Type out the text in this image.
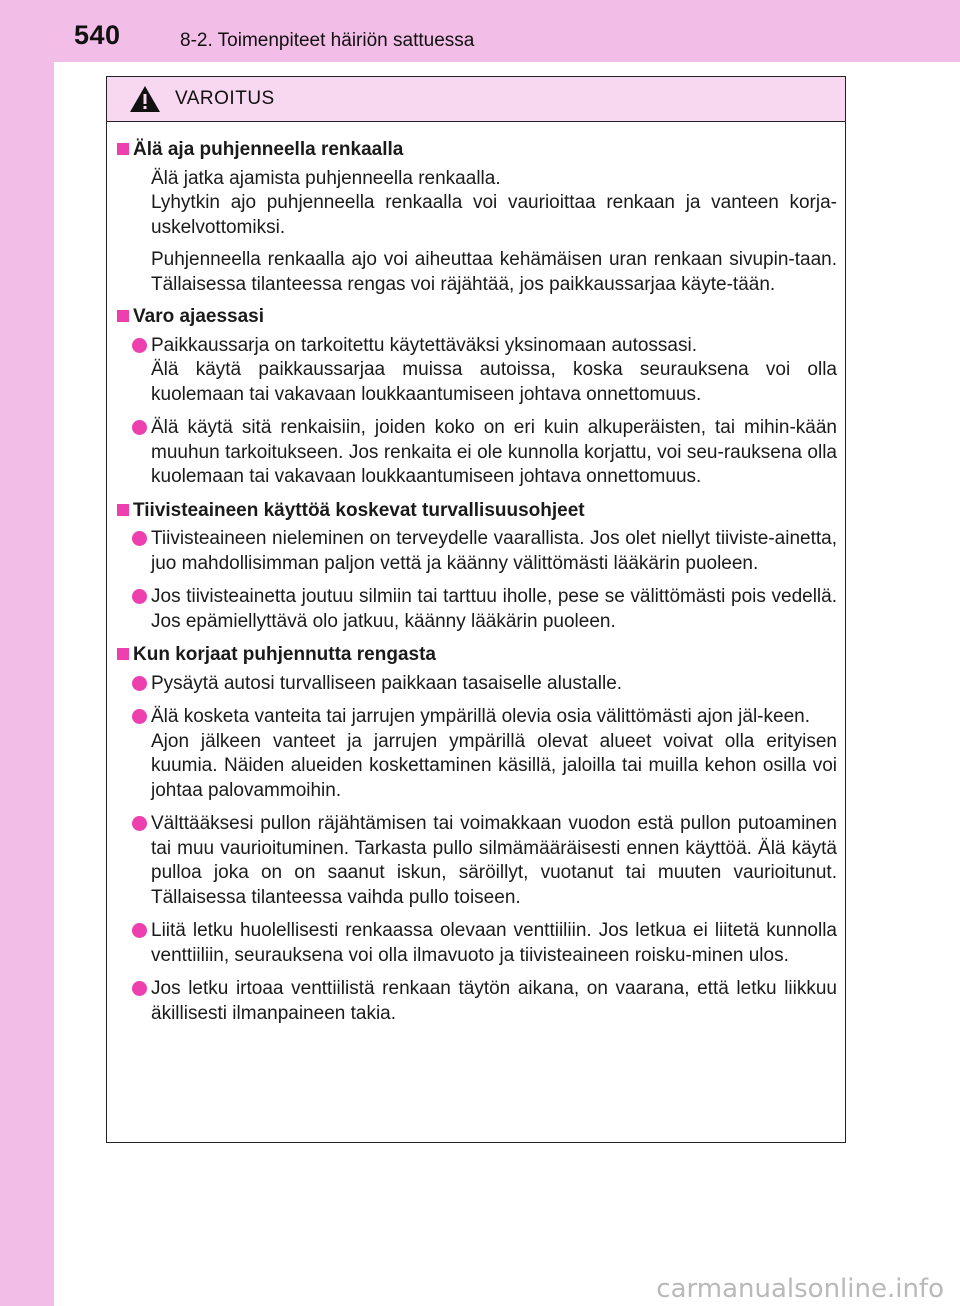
540	8-2. Toimenpiteet häiriön sattuessa
VAROITUS
Älä aja puhjenneella renkaalla
Älä jatka ajamista puhjenneella renkaalla.
Lyhytkin ajo puhjenneella renkaalla voi vaurioittaa renkaan ja vanteen korja-uskelvottomiksi.
Puhjenneella renkaalla ajo voi aiheuttaa kehämäisen uran renkaan sivupin-taan. Tällaisessa tilanteessa rengas voi räjähtää, jos paikkaussarjaa käyte-tään.
Varo ajaessasi
Paikkaussarja on tarkoitettu käytettäväksi yksinomaan autossasi.
Älä käytä paikkaussarjaa muissa autoissa, koska seurauksena voi olla kuolemaan tai vakavaan loukkaantumiseen johtava onnettomuus.
Älä käytä sitä renkaisiin, joiden koko on eri kuin alkuperäisten, tai mihin-kään muuhun tarkoitukseen. Jos renkaita ei ole kunnolla korjattu, voi seu-rauksena olla kuolemaan tai vakavaan loukkaantumiseen johtava onnettomuus.
Tiivisteaineen käyttöä koskevat turvallisuusohjeet
Tiivisteaineen nieleminen on terveydelle vaarallista. Jos olet niellyt tiiviste-ainetta, juo mahdollisimman paljon vettä ja käänny välittömästi lääkärin puoleen.
Jos tiivisteainetta joutuu silmiin tai tarttuu iholle, pese se välittömästi pois vedellä. Jos epämiellyttävä olo jatkuu, käänny lääkärin puoleen.
Kun korjaat puhjennutta rengasta
Pysäytä autosi turvalliseen paikkaan tasaiselle alustalle.
Älä kosketa vanteita tai jarrujen ympärillä olevia osia välittömästi ajon jäl-keen.
Ajon jälkeen vanteet ja jarrujen ympärillä olevat alueet voivat olla erityisen kuumia. Näiden alueiden koskettaminen käsillä, jaloilla tai muilla kehon osilla voi johtaa palovammoihin.
Välttääksesi pullon räjähtämisen tai voimakkaan vuodon estä pullon putoaminen tai muu vaurioituminen. Tarkasta pullo silmämääräisesti ennen käyttöä. Älä käytä pulloa joka on on saanut iskun, säröillyt, vuotanut tai muuten vaurioitunut. Tällaisessa tilanteessa vaihda pullo toiseen.
Liitä letku huolellisesti renkaassa olevaan venttiiliin. Jos letkua ei liitetä kunnolla venttiiliin, seurauksena voi olla ilmavuoto ja tiivisteaineen roisku-minen ulos.
Jos letku irtoaa venttiilistä renkaan täytön aikana, on vaarana, että letku liikkuu äkillisesti ilmanpaineen takia.
carmanualsonline.info
